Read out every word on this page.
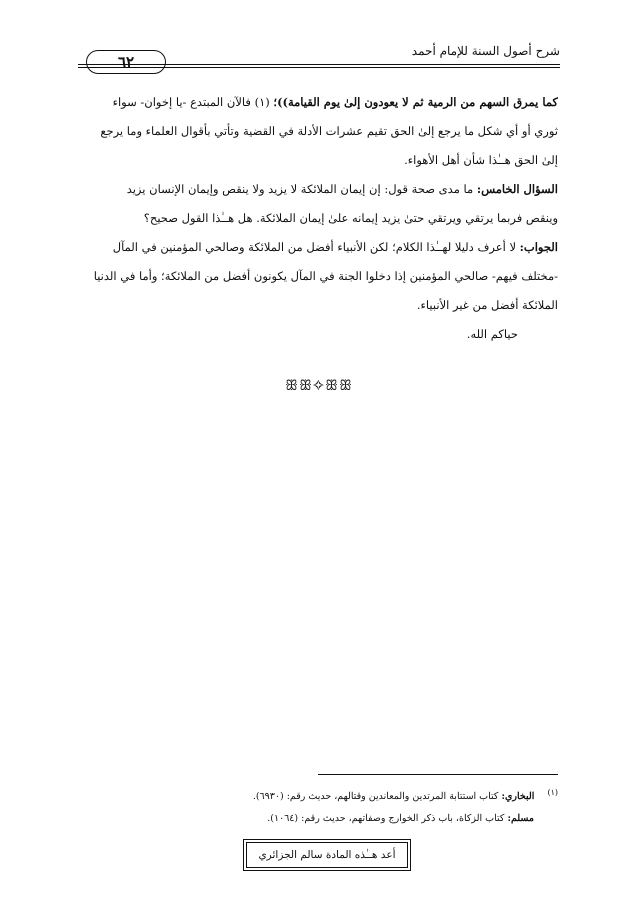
شرح أصول السنة للإمام أحمد
٦٢
كما يمرق السهم من الرمية ثم لا يعودون إلىٰ يوم القيامة))؛ (١) فالآن المبتدع -يا إخوان- سواء
ثوري أو أي شكل ما يرجع إلىٰ الحق تقيم عشرات الأدلة في القضية وتأتي بأقوال العلماء وما يرجع
إلىٰ الحق هــٰذا شأن أهل الأهواء.
السؤال الخامس: ما مدى صحة قول: إن إيمان الملائكة لا يزيد ولا ينقص وإيمان الإنسان يزيد
وينقص فربما يرتقي ويرتقي حتىٰ يزيد إيمانه علىٰ إيمان الملائكة. هل هــٰذا القول صحيح؟
الجواب: لا أعرف دليلا لهــٰذا الكلام؛ لكن الأنبياء أفضل من الملائكة وصالحي المؤمنين في المآل
-مختلف فيهم- صالحي المؤمنين إذا دخلوا الجنة في المآل يكونون أفضل من الملائكة؛ وأما في الدنيا
الملائكة أفضل من غير الأنبياء.
حياكم الله.
ꕥꕥ✧ꕥꕥ
$^{(١)}$ البخاري: كتاب استتابة المرتدين والمعاندين وقتالهم، حديث رقم: (٦٩٣٠).
مسلم: كتاب الزكاة، باب ذكر الخوارج وصفاتهم، حديث رقم: (١٠٦٤).
أعد هــٰذه المادة سالم الجزائري
